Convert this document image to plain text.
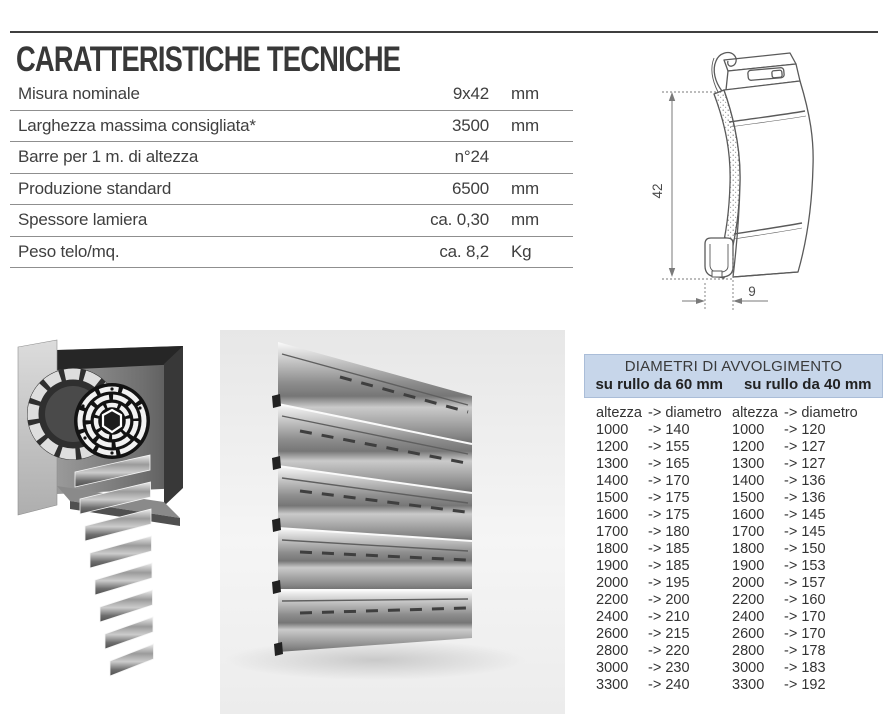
CARATTERISTICHE TECNICHE
Misura nominale	9x42	mm
Larghezza massima consigliata*	3500	mm
Barre per 1 m. di altezza	n°24
Produzione standard	6500	mm
Spessore lamiera	ca. 0,30	mm
Peso telo/mq.	ca. 8,2	Kg
42
9
DIAMETRI DI AVVOLGIMENTO
su rullo da 60 mm	su rullo da 40 mm
altezza -> diametro altezza -> diametro
1000	-> 140	1000	-> 120
1200	-> 155	1200	-> 127
1300	-> 165	1300	-> 127
1400	-> 170	1400	-> 136
1500	-> 175	1500	-> 136
1600	-> 175	1600	-> 145
1700	-> 180	1700	-> 145
1800	-> 185	1800	-> 150
1900	-> 185	1900	-> 153
2000	-> 195	2000	-> 157
2200	-> 200	2200	-> 160
2400	-> 210	2400	-> 170
2600	-> 215	2600	-> 170
2800	-> 220	2800	-> 178
3000	-> 230	3000	-> 183
3300	-> 240	3300	-> 192
